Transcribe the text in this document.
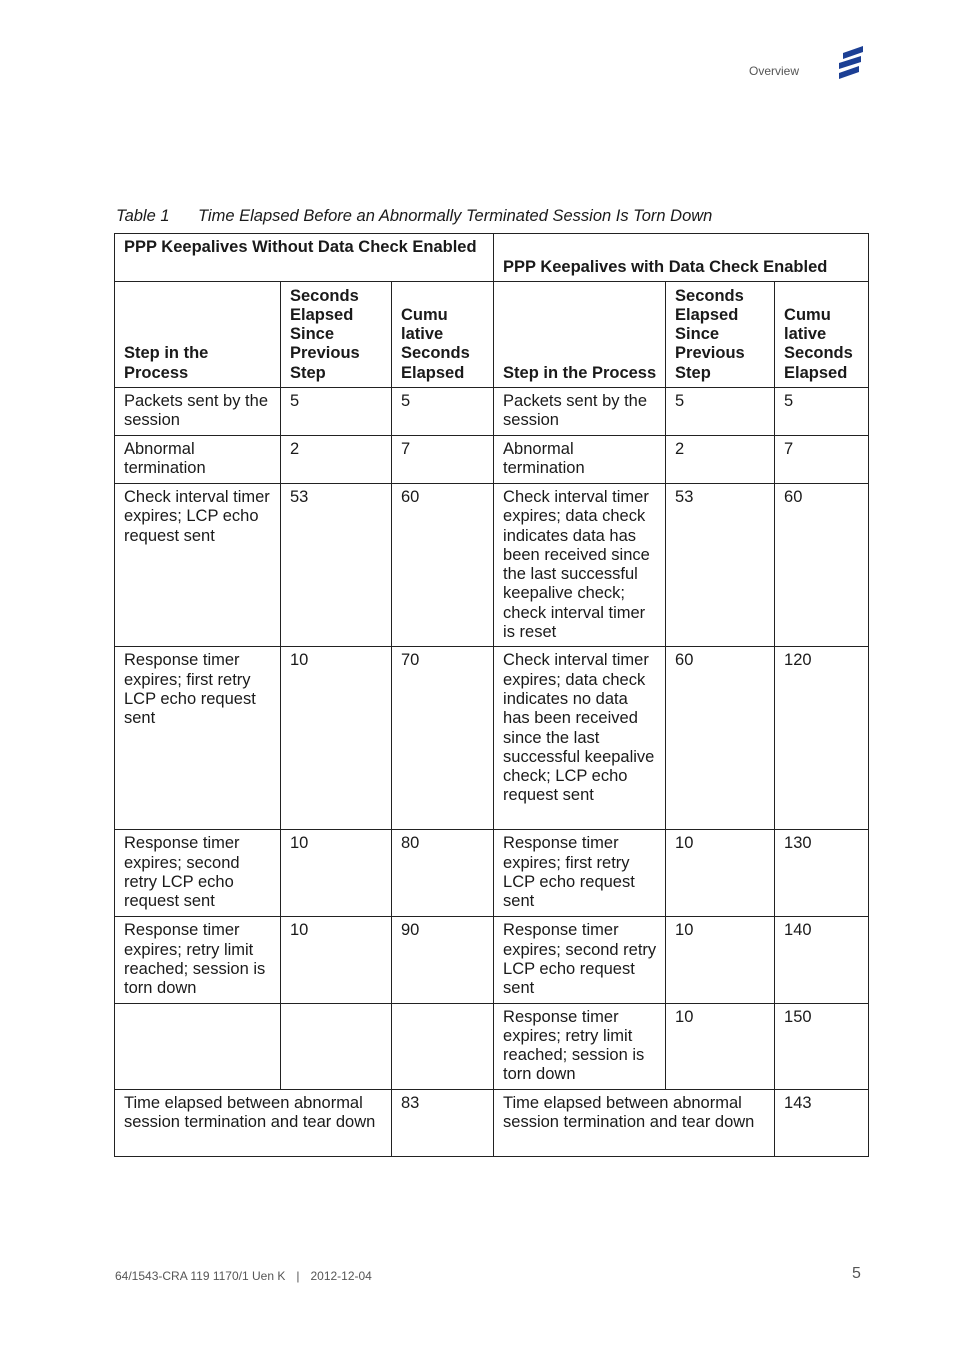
Overview
Table 1 Time Elapsed Before an Abnormally Terminated Session Is Torn Down
PPP Keepalives Without Data Check Enabled			PPP Keepalives with Data Check Enabled		
Step in the Process	Seconds Elapsed Since Previous Step	Cumu lative Seconds Elapsed	Step in the Process	Seconds Elapsed Since Previous Step	Cumu lative Seconds Elapsed
Packets sent by the session	5	5	Packets sent by the session	5	5
Abnormal termination	2	7	Abnormal termination	2	7
Check interval timer expires; LCP echo request sent	53	60	Check interval timer expires; data check indicates data has been received since the last successful keepalive check; check interval timer is reset	53	60
Response timer expires; first retry LCP echo request sent	10	70	Check interval timer expires; data check indicates no data has been received since the last successful keepalive check; LCP echo request sent	60	120
Response timer expires; second retry LCP echo request sent	10	80	Response timer expires; first retry LCP echo request sent	10	130
Response timer expires; retry limit reached; session is torn down	10	90	Response timer expires; second retry LCP echo request sent	10	140
			Response timer expires; retry limit reached; session is torn down	10	150
Time elapsed between abnormal session termination and tear down		83	Time elapsed between abnormal session termination and tear down		143
64/1543-CRA 119 1170/1 Uen K | 2012-12-04	5
